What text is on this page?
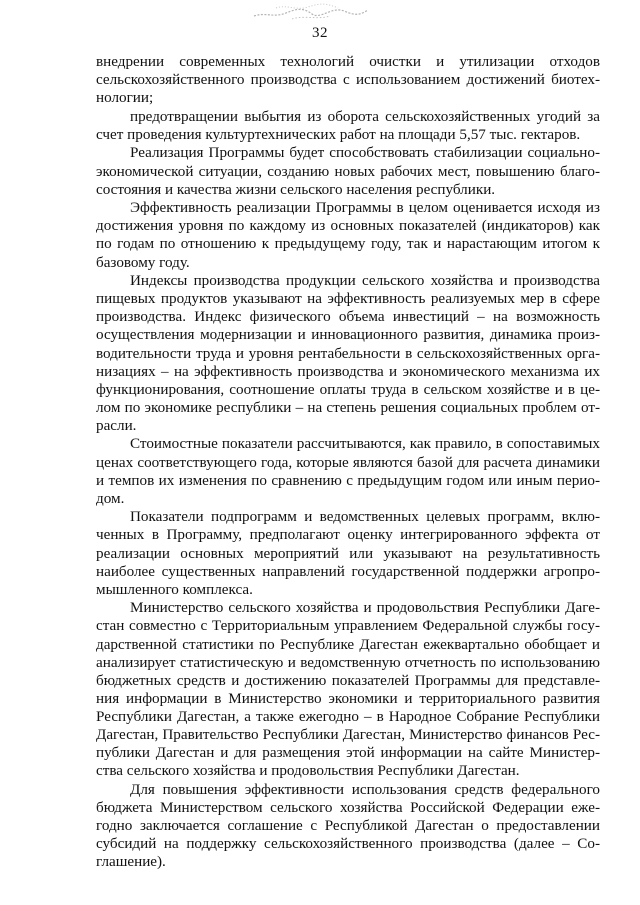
32

внедрении современных технологий очистки и утилизации отходов сельскохозяйственного производства с использованием достижений биотехнологии;

предотвращении выбытия из оборота сельскохозяйственных угодий за счет проведения культуртехнических работ на площади 5,57 тыс. гектаров.

Реализация Программы будет способствовать стабилизации социально-экономической ситуации, созданию новых рабочих мест, повышению благосостояния и качества жизни сельского населения республики.

Эффективность реализации Программы в целом оценивается исходя из достижения уровня по каждому из основных показателей (индикаторов) как по годам по отношению к предыдущему году, так и нарастающим итогом к базовому году.

Индексы производства продукции сельского хозяйства и производства пищевых продуктов указывают на эффективность реализуемых мер в сфере производства. Индекс физического объема инвестиций – на возможность осуществления модернизации и инновационного развития, динамика производительности труда и уровня рентабельности в сельскохозяйственных организациях – на эффективность производства и экономического механизма их функционирования, соотношение оплаты труда в сельском хозяйстве и в целом по экономике республики – на степень решения социальных проблем отрасли.

Стоимостные показатели рассчитываются, как правило, в сопоставимых ценах соответствующего года, которые являются базой для расчета динамики и темпов их изменения по сравнению с предыдущим годом или иным периодом.

Показатели подпрограмм и ведомственных целевых программ, включенных в Программу, предполагают оценку интегрированного эффекта от реализации основных мероприятий или указывают на результативность наиболее существенных направлений государственной поддержки агропромышленного комплекса.

Министерство сельского хозяйства и продовольствия Республики Дагестан совместно с Территориальным управлением Федеральной службы государственной статистики по Республике Дагестан ежеквартально обобщает и анализирует статистическую и ведомственную отчетность по использованию бюджетных средств и достижению показателей Программы для представления информации в Министерство экономики и территориального развития Республики Дагестан, а также ежегодно – в Народное Собрание Республики Дагестан, Правительство Республики Дагестан, Министерство финансов Республики Дагестан и для размещения этой информации на сайте Министерства сельского хозяйства и продовольствия Республики Дагестан.

Для повышения эффективности использования средств федерального бюджета Министерством сельского хозяйства Российской Федерации ежегодно заключается соглашение с Республикой Дагестан о предоставлении субсидий на поддержку сельскохозяйственного производства (далее – Соглашение).
